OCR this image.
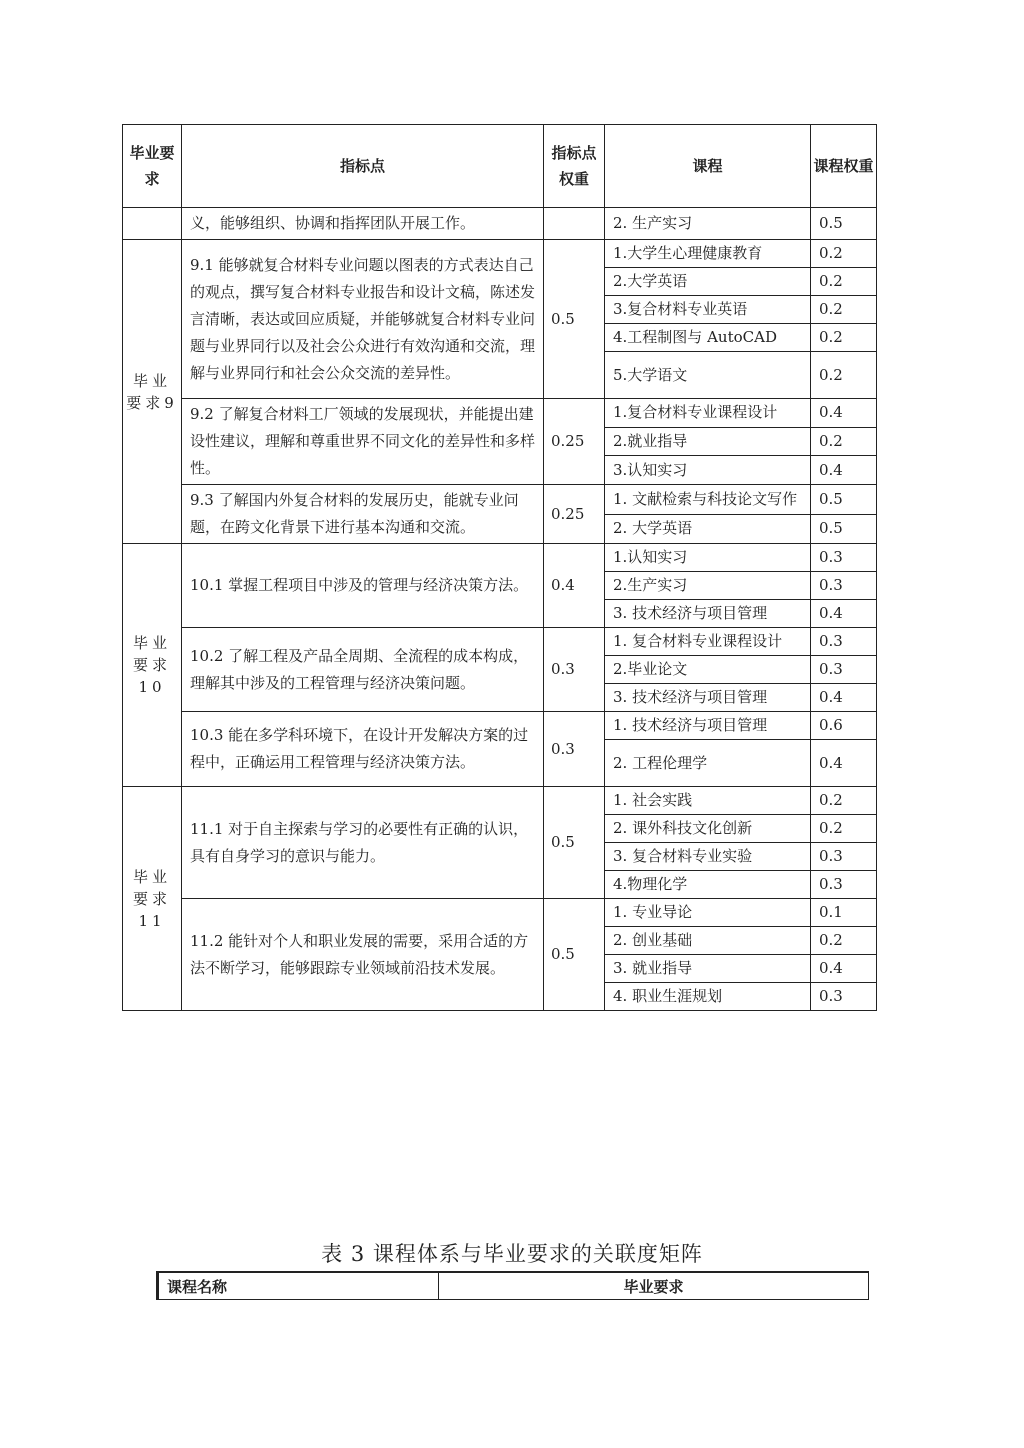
毕业要求	指标点	指标点权重	课程	课程权重
	义，能够组织、协调和指挥团队开展工作。		2. 生产实习	0.5
毕业要求9	9.1 能够就复合材料专业问题以图表的方式表达自己的观点，撰写复合材料专业报告和设计文稿，陈述发言清晰，表达或回应质疑，并能够就复合材料专业问题与业界同行以及社会公众进行有效沟通和交流，理解与业界同行和社会公众交流的差异性。	0.5	1.大学生心理健康教育	0.2
			2.大学英语	0.2
			3.复合材料专业英语	0.2
			4.工程制图与 AutoCAD	0.2
			5.大学语文	0.2
	9.2 了解复合材料工厂领域的发展现状，并能提出建设性建议，理解和尊重世界不同文化的差异性和多样性。	0.25	1.复合材料专业课程设计	0.4
			2.就业指导	0.2
			3.认知实习	0.4
	9.3 了解国内外复合材料的发展历史，能就专业问题，在跨文化背景下进行基本沟通和交流。	0.25	1. 文献检索与科技论文写作	0.5
			2. 大学英语	0.5
毕业要求10	10.1 掌握工程项目中涉及的管理与经济决策方法。	0.4	1.认知实习	0.3
			2.生产实习	0.3
			3. 技术经济与项目管理	0.4
	10.2 了解工程及产品全周期、全流程的成本构成，理解其中涉及的工程管理与经济决策问题。	0.3	1. 复合材料专业课程设计	0.3
			2.毕业论文	0.3
			3. 技术经济与项目管理	0.4
	10.3 能在多学科环境下，在设计开发解决方案的过程中，正确运用工程管理与经济决策方法。	0.3	1. 技术经济与项目管理	0.6
			2. 工程伦理学	0.4
毕业要求11	11.1 对于自主探索与学习的必要性有正确的认识，具有自身学习的意识与能力。	0.5	1. 社会实践	0.2
			2. 课外科技文化创新	0.2
			3. 复合材料专业实验	0.3
			4.物理化学	0.3
	11.2 能针对个人和职业发展的需要，采用合适的方法不断学习，能够跟踪专业领域前沿技术发展。	0.5	1. 专业导论	0.1
			2. 创业基础	0.2
			3. 就业指导	0.4
			4. 职业生涯规划	0.3
表 3 课程体系与毕业要求的关联度矩阵
课程名称	毕业要求
